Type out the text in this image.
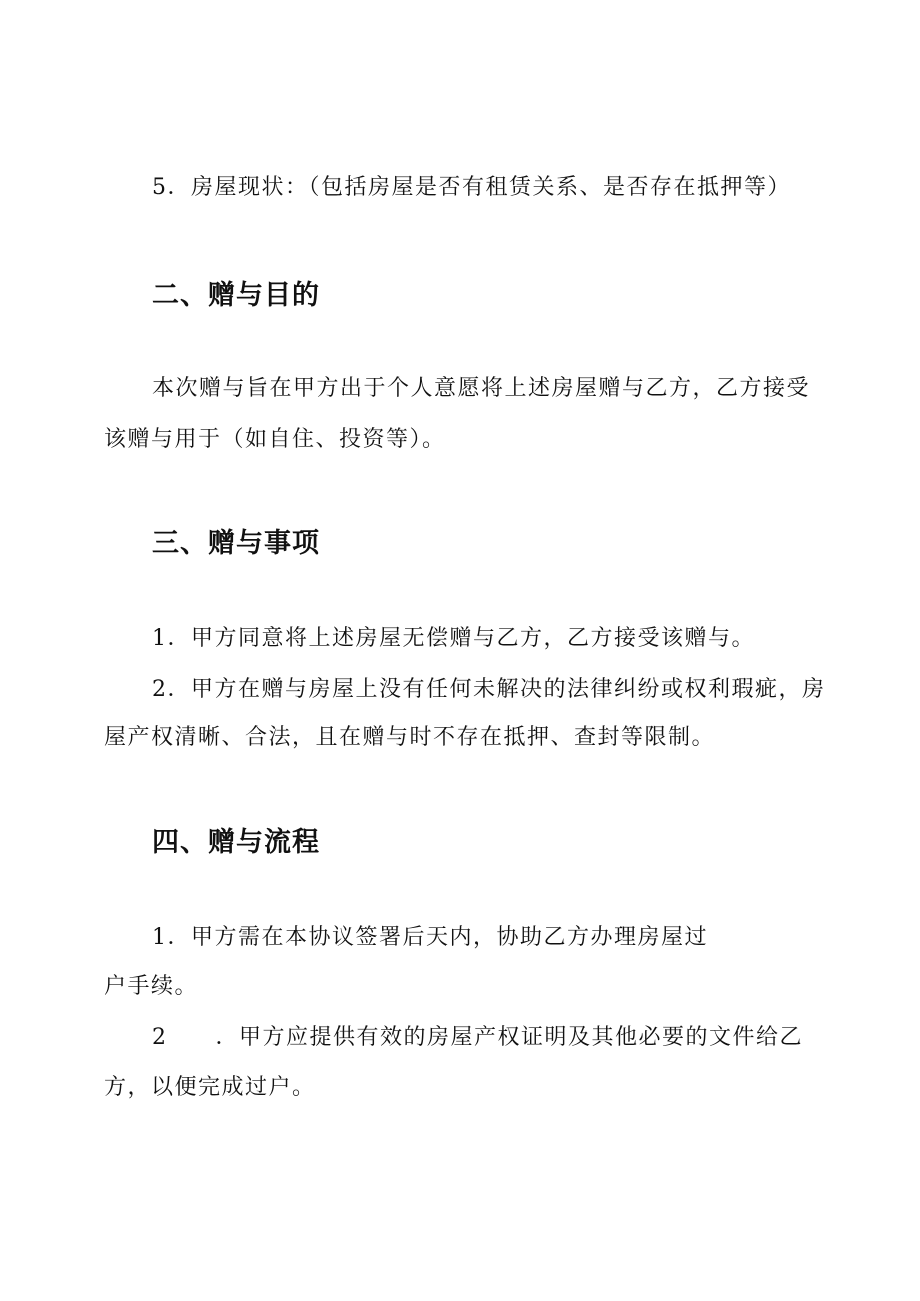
5．房屋现状：（包括房屋是否有租赁关系、是否存在抵押等）
二、赠与目的
本次赠与旨在甲方出于个人意愿将上述房屋赠与乙方，乙方接受
该赠与用于（如自住、投资等）。
三、赠与事项
1．甲方同意将上述房屋无偿赠与乙方，乙方接受该赠与。
2．甲方在赠与房屋上没有任何未解决的法律纠纷或权利瑕疵，房
屋产权清晰、合法，且在赠与时不存在抵押、查封等限制。
四、赠与流程
1．甲方需在本协议签署后天内，协助乙方办理房屋过
户手续。
2 ．甲方应提供有效的房屋产权证明及其他必要的文件给乙
方，以便完成过户。
